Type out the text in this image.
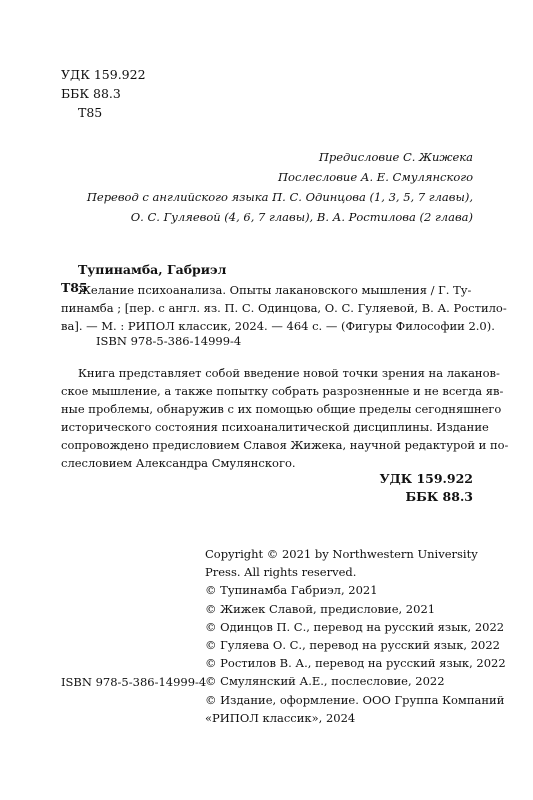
УДК 159.922
ББК 88.3
Т85
Предисловие С. Жижека
Послесловие А. Е. Смулянского
Перевод с английского языка П. С. Одинцова (1, 3, 5, 7 главы),
О. С. Гуляевой (4, 6, 7 главы), В. А. Ростилова (2 глава)
Тупинамба, Габриэл
Т85
Желание психоанализа. Опыты лакановского мышления / Г. Ту-
пинамба ; [пер. с англ. яз. П. С. Одинцова, О. С. Гуляевой, В. А. Ростило-
ва]. — М. : РИПОЛ классик, 2024. — 464 с. — (Фигуры Философии 2.0).
ISBN 978-5-386-14999-4
Книга представляет собой введение новой точки зрения на лаканов-
ское мышление, а также попытку собрать разрозненные и не всегда яв-
ные проблемы, обнаружив с их помощью общие пределы сегодняшнего
исторического состояния психоаналитической дисциплины. Издание
сопровождено предисловием Славоя Жижека, научной редактурой и по-
слесловием Александра Смулянского.
УДК 159.922
ББК 88.3
ISBN 978-5-386-14999-4
Copyright © 2021 by Northwestern University
Press. All rights reserved.
© Тупинамба Габриэл, 2021
© Жижек Славой, предисловие, 2021
© Одинцов П. С., перевод на русский язык, 2022
© Гуляева О. С., перевод на русский язык, 2022
© Ростилов В. А., перевод на русский язык, 2022
© Смулянский А.Е., послесловие, 2022
© Издание, оформление. ООО Группа Компаний
«РИПОЛ классик», 2024
